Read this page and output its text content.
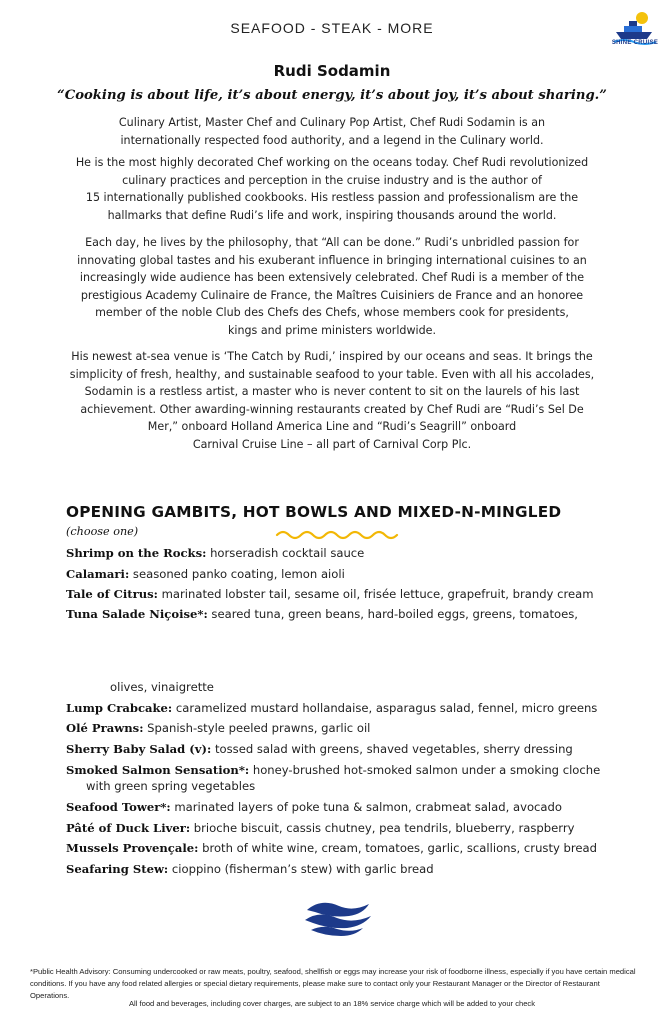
SEAFOOD - STEAK - MORE
SHINE CRUISE
Rudi Sodamin
“Cooking is about life, it’s about energy, it’s about joy, it’s about sharing.”
Culinary Artist, Master Chef and Culinary Pop Artist, Chef Rudi Sodamin is an
internationally respected food authority, and a legend in the Culinary world.
He is the most highly decorated Chef working on the oceans today. Chef Rudi revolutionized
culinary practices and perception in the cruise industry and is the author of
15 internationally published cookbooks. His restless passion and professionalism are the
hallmarks that define Rudi’s life and work, inspiring thousands around the world.
Each day, he lives by the philosophy, that “All can be done.” Rudi’s unbridled passion for
innovating global tastes and his exuberant influence in bringing international cuisines to an
increasingly wide audience has been extensively celebrated. Chef Rudi is a member of the
prestigious Academy Culinaire de France, the Maîtres Cuisiniers de France and an honoree
member of the noble Club des Chefs des Chefs, whose members cook for presidents,
kings and prime ministers worldwide.
His newest at-sea venue is ‘The Catch by Rudi,’ inspired by our oceans and seas. It brings the
simplicity of fresh, healthy, and sustainable seafood to your table. Even with all his accolades,
Sodamin is a restless artist, a master who is never content to sit on the laurels of his last
achievement. Other awarding-winning restaurants created by Chef Rudi are “Rudi’s Sel De
Mer,” onboard Holland America Line and “Rudi’s Seagrill” onboard
Carnival Cruise Line – all part of Carnival Corp Plc.
OPENING GAMBITS, HOT BOWLS AND MIXED-N-MINGLED
(choose one)
Shrimp on the Rocks: horseradish cocktail sauce
Calamari: seasoned panko coating, lemon aioli
Tale of Citrus: marinated lobster tail, sesame oil, frisée lettuce, grapefruit, brandy cream
Tuna Salade Niçoise*: seared tuna, green beans, hard-boiled eggs, greens, tomatoes,
olives, vinaigrette
Lump Crabcake: caramelized mustard hollandaise, asparagus salad, fennel, micro greens
Olé Prawns: Spanish-style peeled prawns, garlic oil
Sherry Baby Salad (v): tossed salad with greens, shaved vegetables, sherry dressing
Smoked Salmon Sensation*: honey-brushed hot-smoked salmon under a smoking cloche
with green spring vegetables
Seafood Tower*: marinated layers of poke tuna & salmon, crabmeat salad, avocado
Pâté of Duck Liver: brioche biscuit, cassis chutney, pea tendrils, blueberry, raspberry
Mussels Provençale: broth of white wine, cream, tomatoes, garlic, scallions, crusty bread
Seafaring Stew: cioppino (fisherman’s stew) with garlic bread
*Public Health Advisory: Consuming undercooked or raw meats, poultry, seafood, shellfish or eggs may increase your risk of foodborne illness, especially if you have certain medical conditions. If you have any food related allergies or special dietary requirements, please make sure to contact only your Restaurant Manager or the Director of Restaurant Operations.
All food and beverages, including cover charges, are subject to an 18% service charge which will be added to your check
